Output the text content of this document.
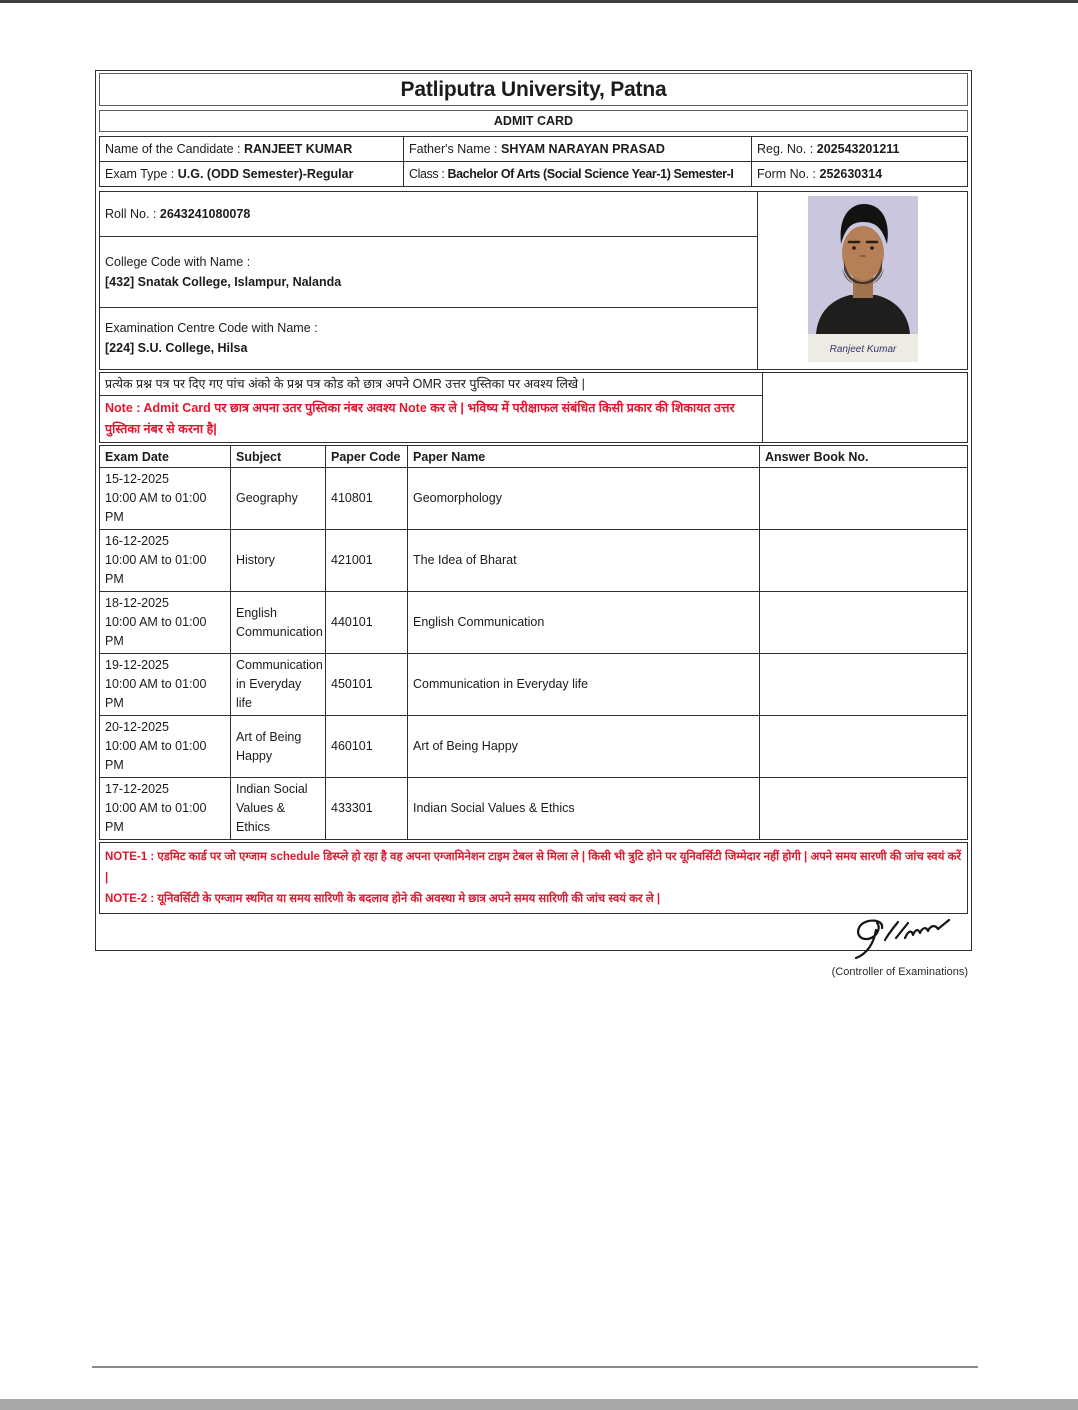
Patliputra University, Patna
ADMIT CARD
Name of the Candidate : RANJEET KUMAR	Father's Name : SHYAM NARAYAN PRASAD	Reg. No. : 202543201211
Exam Type : U.G. (ODD Semester)-Regular	Class : Bachelor Of Arts (Social Science Year-1) Semester-I	Form No. : 252630314
Roll No. : 2643241080078	
Ranjeet Kumar

College Code with Name :
[432] Snatak College, Islampur, Nalanda

Examination Centre Code with Name :
[224] S.U. College, Hilsa
प्रत्येक प्रश्न पत्र पर दिए गए पांच अंको के प्रश्न पत्र कोड को छात्र अपने OMR उत्तर पुस्तिका पर अवश्य लिखे |	
Note : Admit Card पर छात्र अपना उतर पुस्तिका नंबर अवश्य Note कर ले | भविष्य में परीक्षाफल संबंधित किसी प्रकार की शिकायत उत्तर पुस्तिका नंबर से करना है|
Exam Date	Subject	Paper Code	Paper Name	Answer Book No.

15-12-2025
10:00 AM to 01:00 PM	Geography	410801	Geomorphology	

16-12-2025
10:00 AM to 01:00 PM	History	421001	The Idea of Bharat	

18-12-2025
10:00 AM to 01:00 PM	English Communication	440101	English Communication	

19-12-2025
10:00 AM to 01:00 PM	Communication in Everyday life	450101	Communication in Everyday life	

20-12-2025
10:00 AM to 01:00 PM	Art of Being Happy	460101	Art of Being Happy	

17-12-2025
10:00 AM to 01:00 PM	Indian Social Values & Ethics	433301	Indian Social Values & Ethics	
NOTE-1 : एडमिट कार्ड पर जो एग्जाम schedule डिस्प्ले हो रहा है वह अपना एग्जामिनेशन टाइम टेबल से मिला ले | किसी भी त्रुटि होने पर यूनिवर्सिटी जिम्मेदार नहीं होगी | अपने समय सारणी की जांच स्वयं करें |
NOTE-2 : यूनिवर्सिटी के एग्जाम स्थगित या समय सारिणी के बदलाव होने की अवस्था मे छात्र अपने समय सारिणी की जांच स्वयं कर ले |
(Controller of Examinations)
